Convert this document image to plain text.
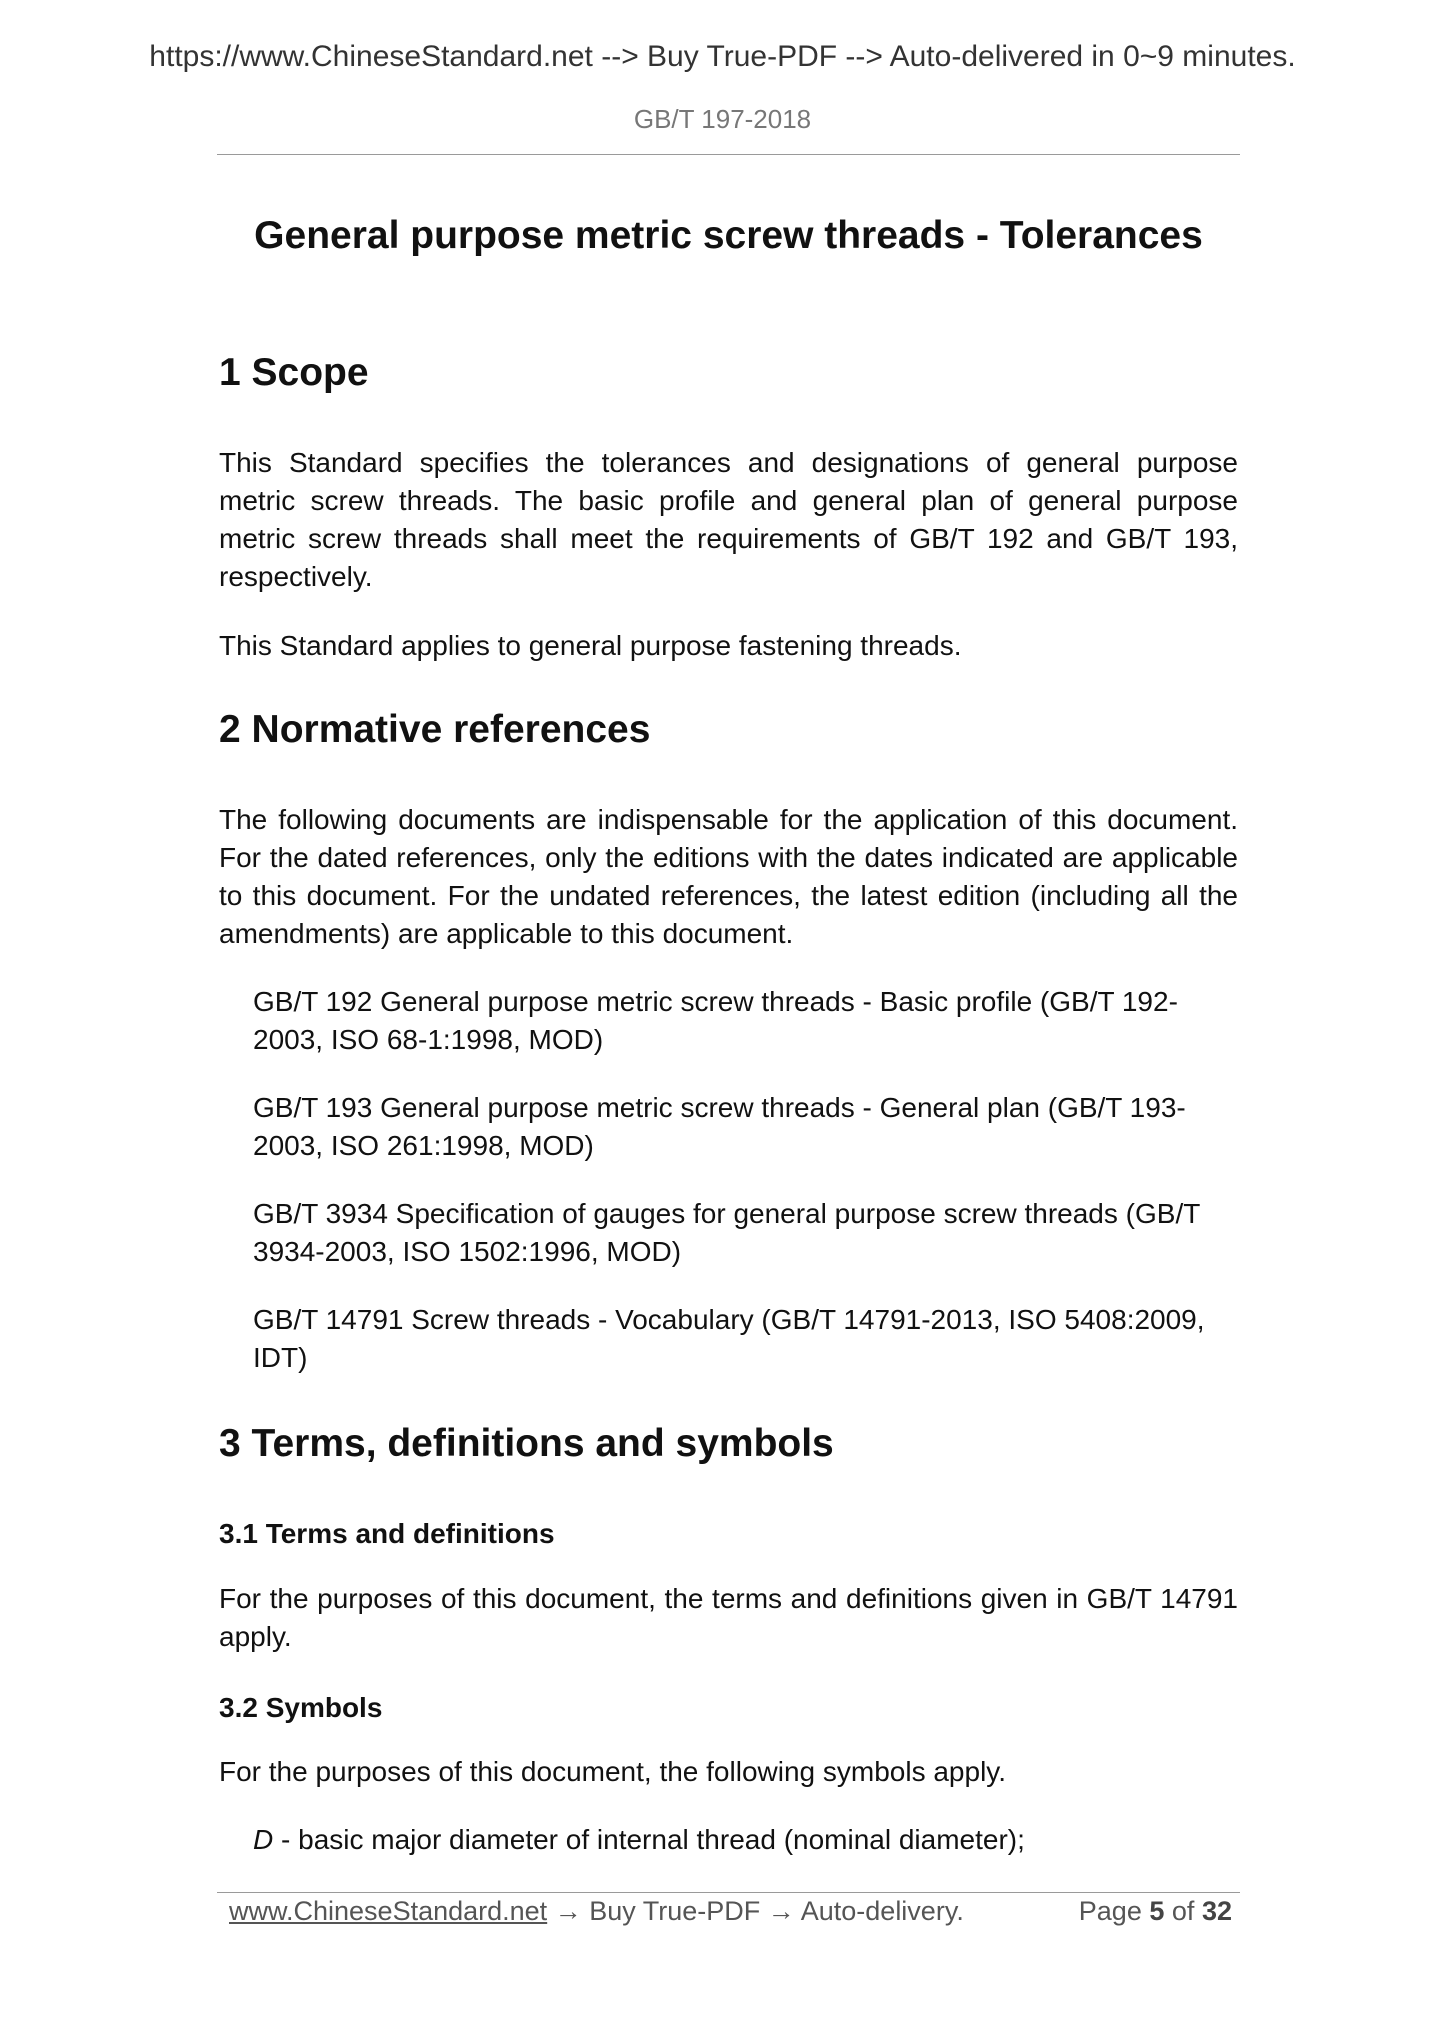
https://www.ChineseStandard.net --> Buy True-PDF --> Auto-delivered in 0~9 minutes.
GB/T 197-2018
General purpose metric screw threads - Tolerances
1 Scope
This Standard specifies the tolerances and designations of general purpose metric screw threads. The basic profile and general plan of general purpose metric screw threads shall meet the requirements of GB/T 192 and GB/T 193, respectively.
This Standard applies to general purpose fastening threads.
2 Normative references
The following documents are indispensable for the application of this document. For the dated references, only the editions with the dates indicated are applicable to this document. For the undated references, the latest edition (including all the amendments) are applicable to this document.
GB/T 192 General purpose metric screw threads - Basic profile (GB/T 192-2003, ISO 68-1:1998, MOD)
GB/T 193 General purpose metric screw threads - General plan (GB/T 193-2003, ISO 261:1998, MOD)
GB/T 3934 Specification of gauges for general purpose screw threads (GB/T 3934-2003, ISO 1502:1996, MOD)
GB/T 14791 Screw threads - Vocabulary (GB/T 14791-2013, ISO 5408:2009, IDT)
3 Terms, definitions and symbols
3.1 Terms and definitions
For the purposes of this document, the terms and definitions given in GB/T 14791 apply.
3.2 Symbols
For the purposes of this document, the following symbols apply.
D - basic major diameter of internal thread (nominal diameter);
www.ChineseStandard.net → Buy True-PDF → Auto-delivery.	Page 5 of 32
